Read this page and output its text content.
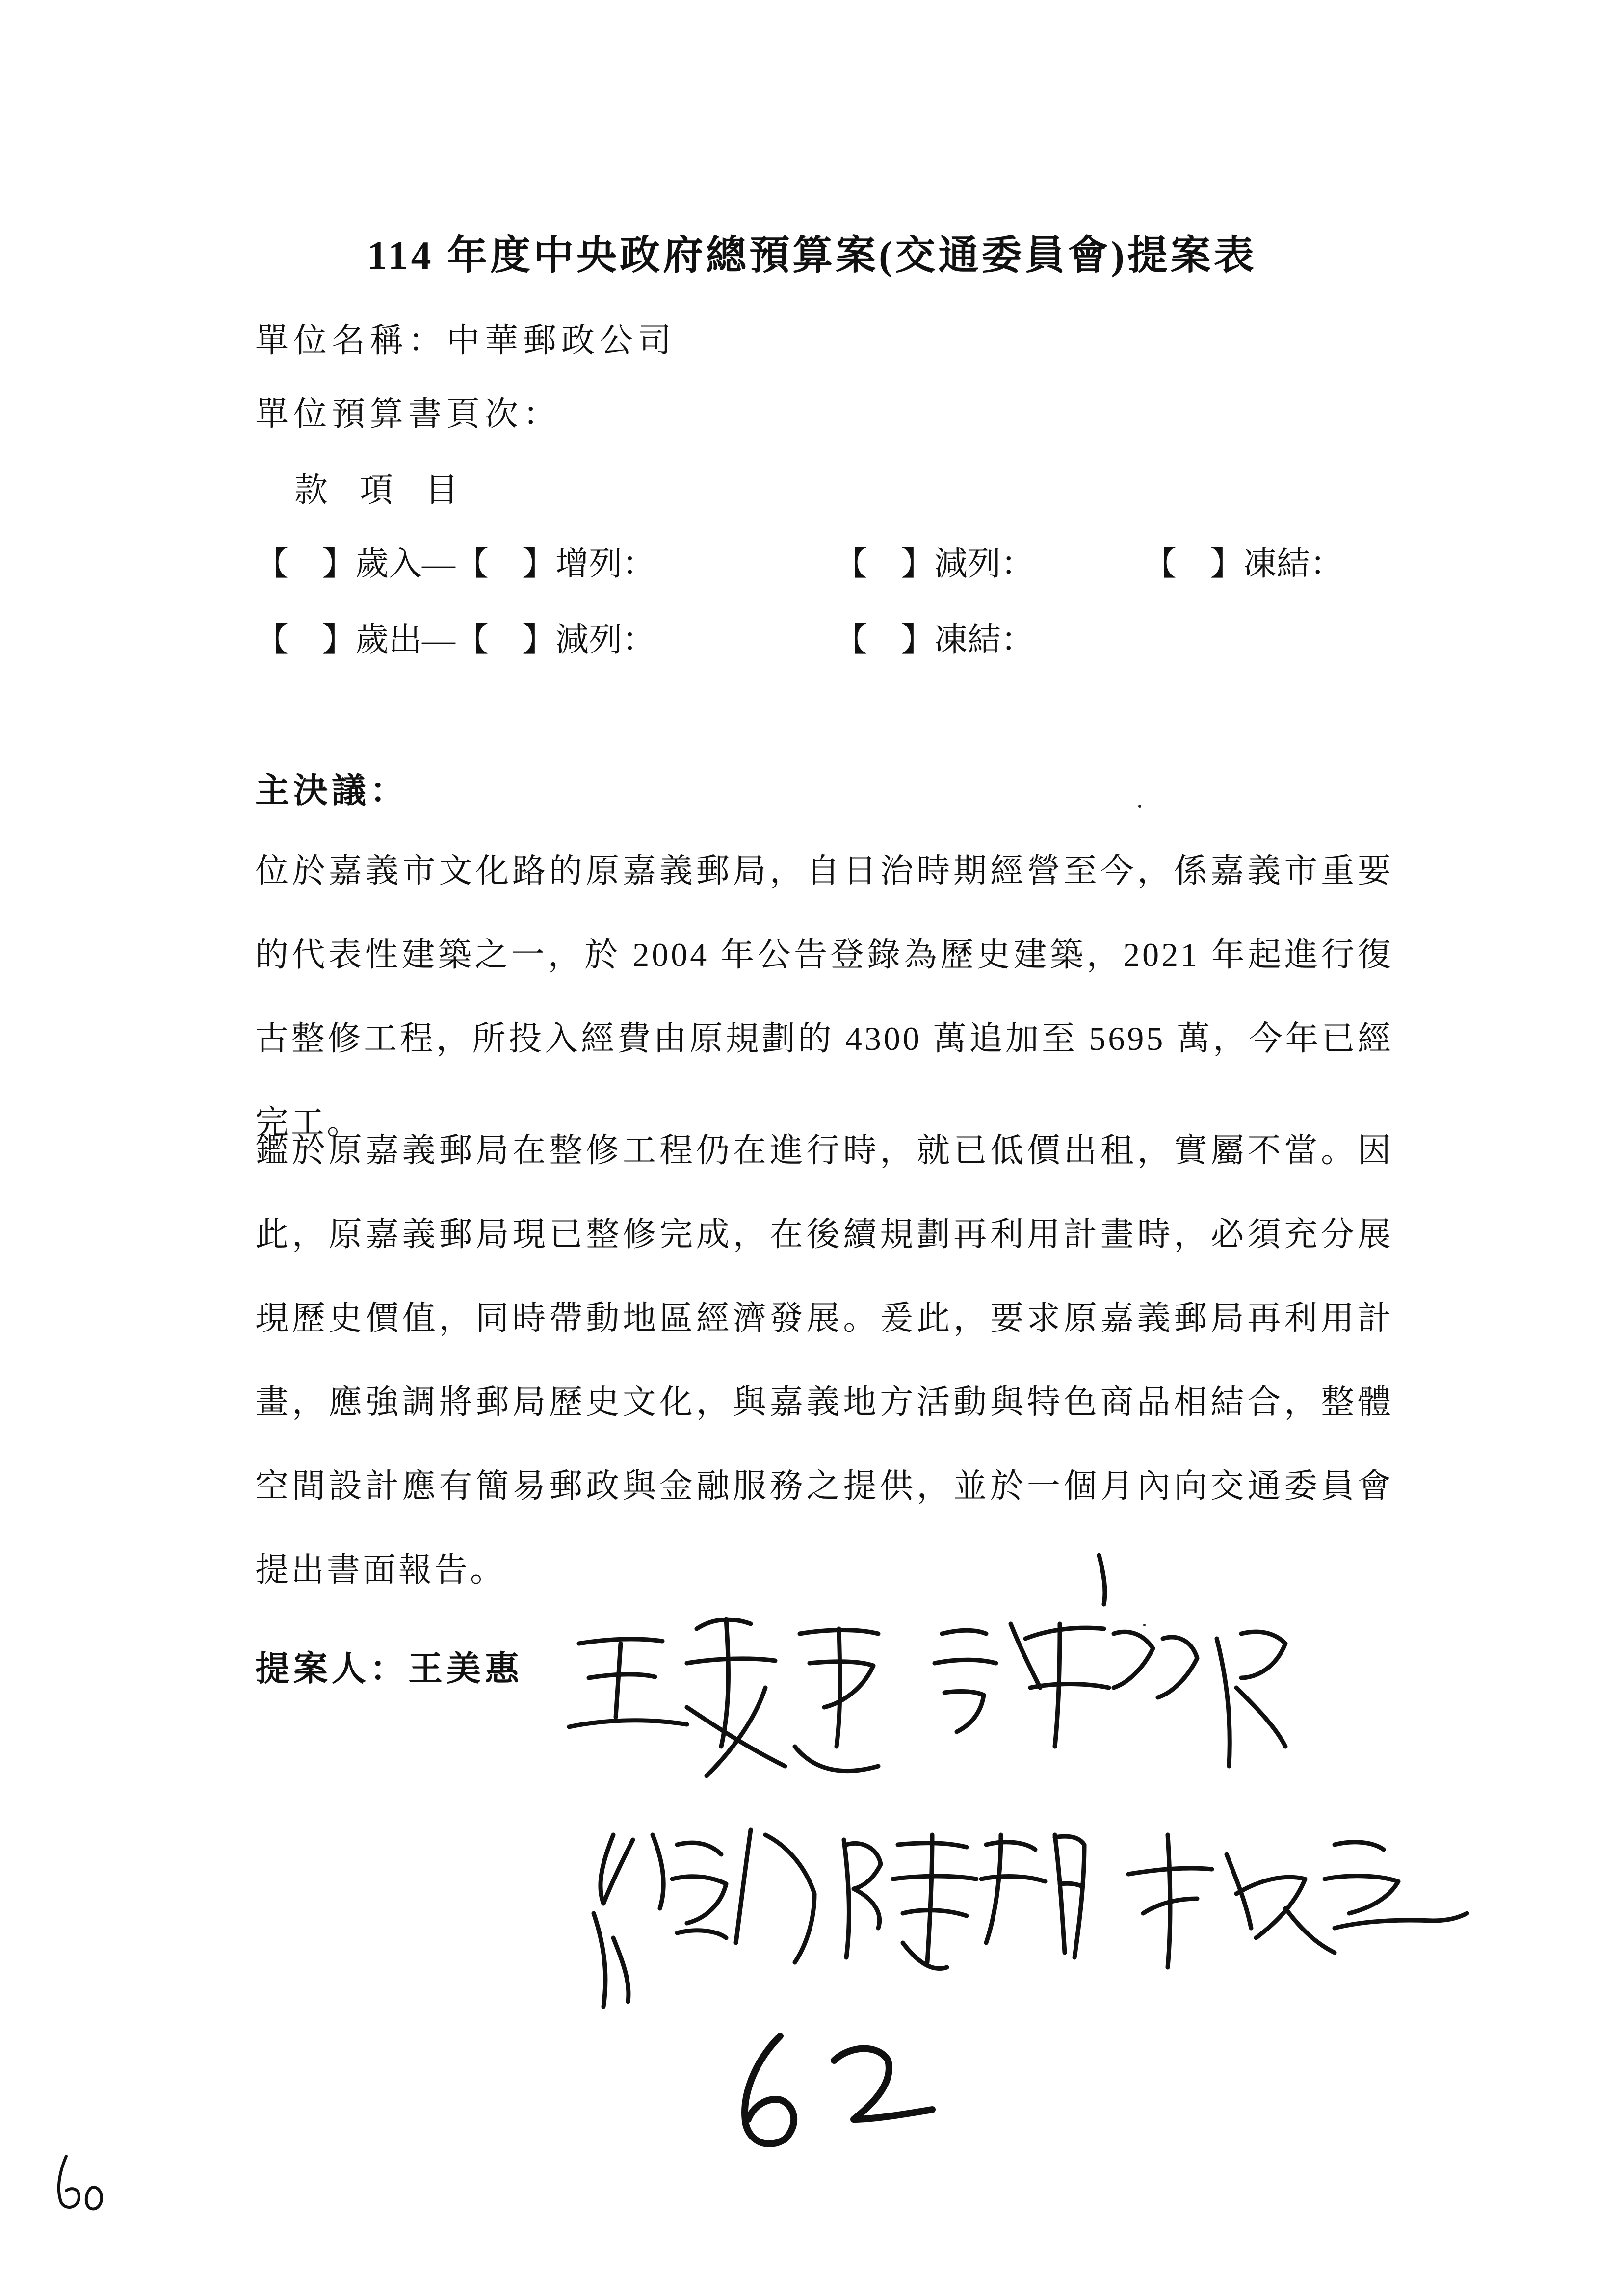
114 年度中央政府總預算案(交通委員會)提案表
單位名稱：中華郵政公司
單位預算書頁次：
款 項 目
【　】歲入—【　】增列：	【　】減列：	【　】凍結：
【　】歲出—【　】減列：	【　】凍結：
主決議：

位於嘉義市文化路的原嘉義郵局，自日治時期經營至今，係嘉義市重要的代表性建築之一，於 2004 年公告登錄為歷史建築，2021 年起進行復古整修工程，所投入經費由原規劃的 4300 萬追加至 5695 萬，今年已經完工。

鑑於原嘉義郵局在整修工程仍在進行時，就已低價出租，實屬不當。因此，原嘉義郵局現已整修完成，在後續規劃再利用計畫時，必須充分展現歷史價值，同時帶動地區經濟發展。爰此，要求原嘉義郵局再利用計畫，應強調將郵局歷史文化，與嘉義地方活動與特色商品相結合，整體空間設計應有簡易郵政與金融服務之提供，並於一個月內向交通委員會提出書面報告。

提案人：王美惠
